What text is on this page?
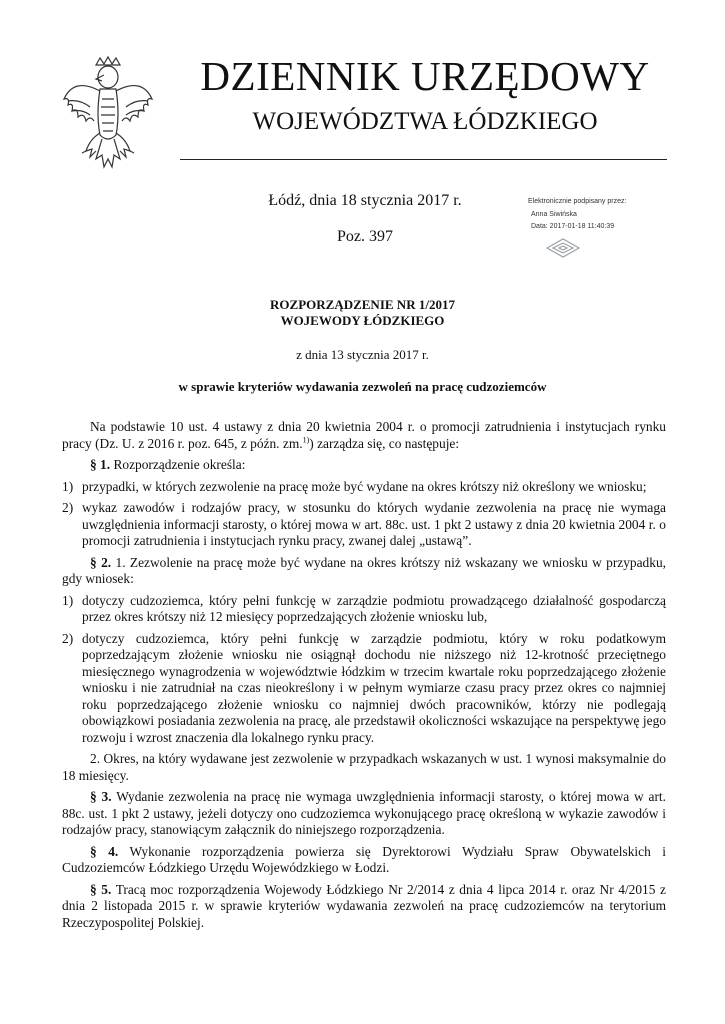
DZIENNIK URZĘDOWY
WOJEWÓDZTWA ŁÓDZKIEGO
Łódź, dnia 18 stycznia 2017 r.
Poz. 397
Elektronicznie podpisany przez:
Anna Siwińska
Data: 2017-01-18 11:40:39
ROZPORZĄDZENIE NR 1/2017
WOJEWODY ŁÓDZKIEGO
z dnia 13 stycznia 2017 r.
w sprawie kryteriów wydawania zezwoleń na pracę cudzoziemców

Na podstawie 10 ust. 4 ustawy z dnia 20 kwietnia 2004 r. o promocji zatrudnienia i instytucjach rynku pracy (Dz. U. z 2016 r. poz. 645, z późn. zm.$^{1)}$) zarządza się, co następuje:

§ 1. Rozporządzenie określa:

1) przypadki, w których zezwolenie na pracę może być wydane na okres krótszy niż określony we wniosku;
2) wykaz zawodów i rodzajów pracy, w stosunku do których wydanie zezwolenia na pracę nie wymaga uwzględnienia informacji starosty, o której mowa w art. 88c. ust. 1 pkt 2 ustawy z dnia 20 kwietnia 2004 r. o promocji zatrudnienia i instytucjach rynku pracy, zwanej dalej „ustawą”.

§ 2. 1. Zezwolenie na pracę może być wydane na okres krótszy niż wskazany we wniosku w przypadku, gdy wniosek:

1) dotyczy cudzoziemca, który pełni funkcję w zarządzie podmiotu prowadzącego działalność gospodarczą przez okres krótszy niż 12 miesięcy poprzedzających złożenie wniosku lub,
2) dotyczy cudzoziemca, który pełni funkcję w zarządzie podmiotu, który w roku podatkowym poprzedzającym złożenie wniosku nie osiągnął dochodu nie niższego niż 12-krotność przeciętnego miesięcznego wynagrodzenia w województwie łódzkim w trzecim kwartale roku poprzedzającego złożenie wniosku i nie zatrudniał na czas nieokreślony i w pełnym wymiarze czasu pracy przez okres co najmniej roku poprzedzającego złożenie wniosku co najmniej dwóch pracowników, którzy nie podlegają obowiązkowi posiadania zezwolenia na pracę, ale przedstawił okoliczności wskazujące na perspektywę jego rozwoju i wzrost znaczenia dla lokalnego rynku pracy.

2. Okres, na który wydawane jest zezwolenie w przypadkach wskazanych w ust. 1 wynosi maksymalnie do 18 miesięcy.

§ 3. Wydanie zezwolenia na pracę nie wymaga uwzględnienia informacji starosty, o której mowa w art. 88c. ust. 1 pkt 2 ustawy, jeżeli dotyczy ono cudzoziemca wykonującego pracę określoną w wykazie zawodów i rodzajów pracy, stanowiącym załącznik do niniejszego rozporządzenia.

§ 4. Wykonanie rozporządzenia powierza się Dyrektorowi Wydziału Spraw Obywatelskich i Cudzoziemców Łódzkiego Urzędu Wojewódzkiego w Łodzi.

§ 5. Tracą moc rozporządzenia Wojewody Łódzkiego Nr 2/2014 z dnia 4 lipca 2014 r. oraz Nr 4/2015 z dnia 2 listopada 2015 r. w sprawie kryteriów wydawania zezwoleń na pracę cudzoziemców na terytorium Rzeczypospolitej Polskiej.
